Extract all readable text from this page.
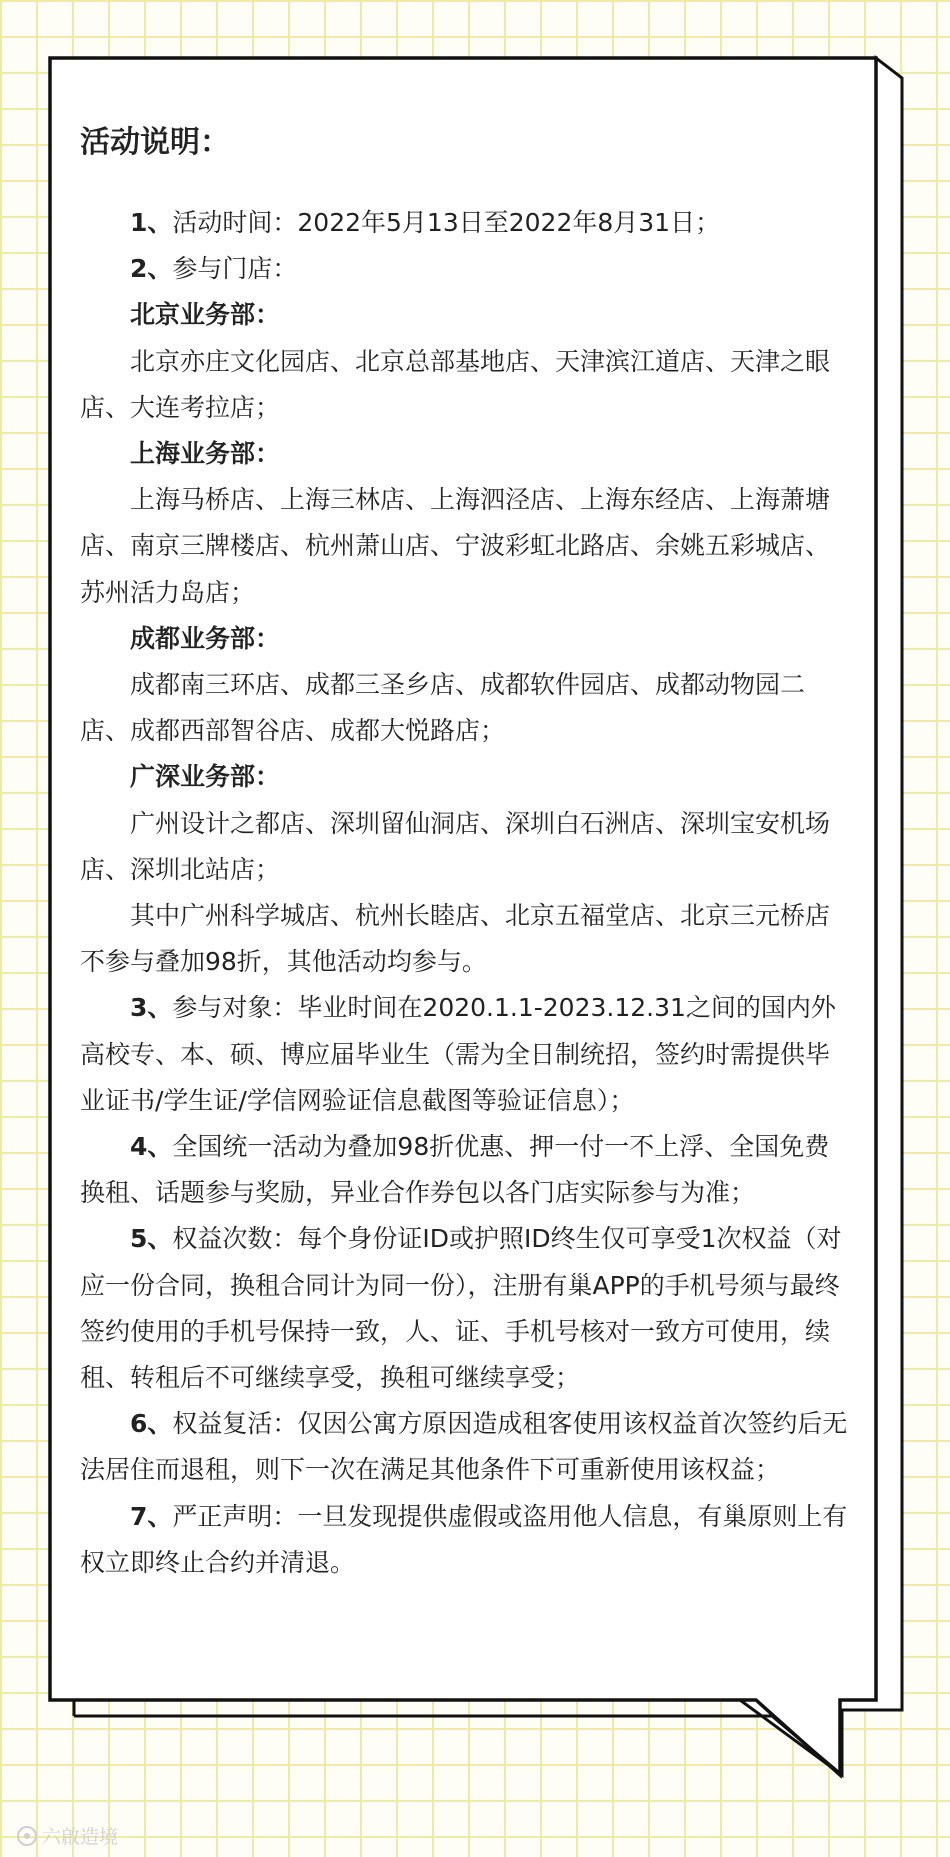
活动说明：

1、活动时间：2022年5月13日至2022年8月31日；

2、参与门店：

北京业务部：

北京亦庄文化园店、北京总部基地店、天津滨江道店、天津之眼店、大连考拉店；

上海业务部：

上海马桥店、上海三林店、上海泗泾店、上海东经店、上海萧塘店、南京三牌楼店、杭州萧山店、宁波彩虹北路店、余姚五彩城店、苏州活力岛店；

成都业务部：

成都南三环店、成都三圣乡店、成都软件园店、成都动物园二店、成都西部智谷店、成都大悦路店；

广深业务部：

广州设计之都店、深圳留仙洞店、深圳白石洲店、深圳宝安机场店、深圳北站店；

其中广州科学城店、杭州长睦店、北京五福堂店、北京三元桥店不参与叠加98折，其他活动均参与。

3、参与对象：毕业时间在2020.1.1-2023.12.31之间的国内外高校专、本、硕、博应届毕业生（需为全日制统招，签约时需提供毕业证书/学生证/学信网验证信息截图等验证信息）；

4、全国统一活动为叠加98折优惠、押一付一不上浮、全国免费换租、话题参与奖励，异业合作券包以各门店实际参与为准；

5、权益次数：每个身份证ID或护照ID终生仅可享受1次权益（对应一份合同，换租合同计为同一份），注册有巢APP的手机号须与最终签约使用的手机号保持一致，人、证、手机号核对一致方可使用，续租、转租后不可继续享受，换租可继续享受；

6、权益复活：仅因公寓方原因造成租客使用该权益首次签约后无法居住而退租，则下一次在满足其他条件下可重新使用该权益；

7、严正声明：一旦发现提供虚假或盗用他人信息，有巢原则上有权立即终止合约并清退。

六啟造境
